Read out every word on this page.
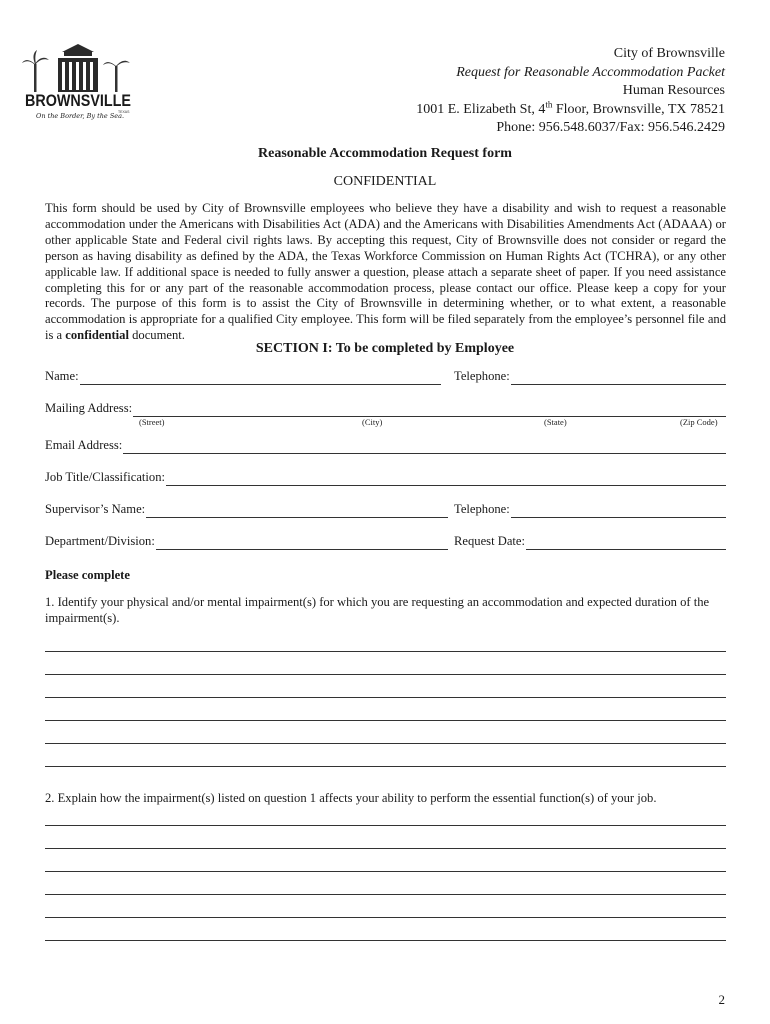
BROWNSVILLE
On the Border, By the Sea.
TEXAS
City of Brownsville
Request for Reasonable Accommodation Packet
Human Resources
1001 E. Elizabeth St, 4th Floor, Brownsville, TX 78521
Phone: 956.548.6037/Fax: 956.546.2429
Reasonable Accommodation Request form
CONFIDENTIAL
This form should be used by City of Brownsville employees who believe they have a disability and wish to request a reasonable accommodation under the Americans with Disabilities Act (ADA) and the Americans with Disabilities Amendments Act (ADAAA) or other applicable State and Federal civil rights laws. By accepting this request, City of Brownsville does not consider or regard the person as having disability as defined by the ADA, the Texas Workforce Commission on Human Rights Act (TCHRA), or any other applicable law. If additional space is needed to fully answer a question, please attach a separate sheet of paper. If you need assistance completing this for or any part of the reasonable accommodation process, please contact our office. Please keep a copy for your records. The purpose of this form is to assist the City of Brownsville in determining whether, or to what extent, a reasonable accommodation is appropriate for a qualified City employee. This form will be filed separately from the employee’s personnel file and is a confidential document.
SECTION I: To be completed by Employee
Name:	Telephone:
Mailing Address:
(Street)	(City)	(State)	(Zip Code)
Email Address:
Job Title/Classification:
Supervisor’s Name:	Telephone:
Department/Division:	Request Date:
Please complete
1. Identify your physical and/or mental impairment(s) for which you are requesting an accommodation and expected duration of the impairment(s).
2. Explain how the impairment(s) listed on question 1 affects your ability to perform the essential function(s) of your job.
2
